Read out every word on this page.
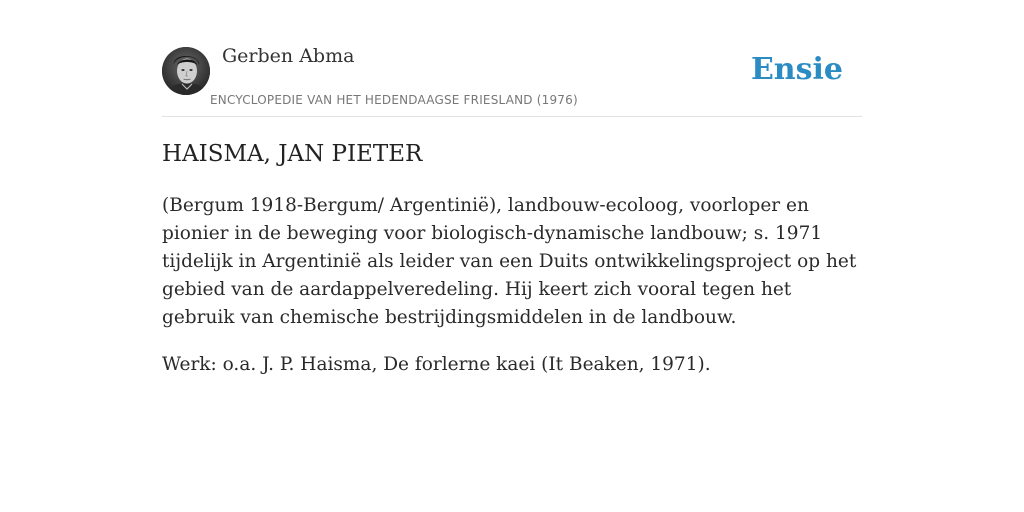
Gerben Abma
ENCYCLOPEDIE VAN HET HEDENDAAGSE FRIESLAND (1976)
Ensie
HAISMA, JAN PIETER

(Bergum 1918-Bergum/ Argentinië), landbouw-ecoloog, voorloper en pionier in de beweging voor biologisch-dynamische landbouw; s. 1971 tijdelijk in Argentinië als leider van een Duits ontwikkelingsproject op het gebied van de aardappelveredeling. Hij keert zich vooral tegen het gebruik van chemische bestrijdingsmiddelen in de landbouw.

Werk: o.a. J. P. Haisma, De forlerne kaei (It Beaken, 1971).
